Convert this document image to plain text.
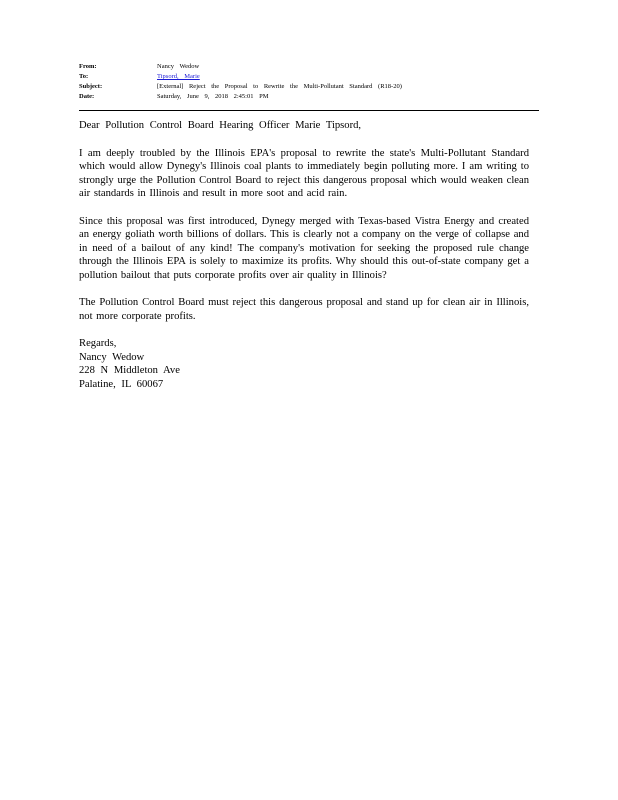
From:	Nancy Wedow
To:	Tipsord, Marie
Subject:	[External] Reject the Proposal to Rewrite the Multi-Pollutant Standard (R18-20)
Date:	Saturday, June 9, 2018 2:45:01 PM

Dear Pollution Control Board Hearing Officer Marie Tipsord,

I am deeply troubled by the Illinois EPA's proposal to rewrite the state's Multi-Pollutant Standard which would allow Dynegy's Illinois coal plants to immediately begin polluting more. I am writing to strongly urge the Pollution Control Board to reject this dangerous proposal which would weaken clean air standards in Illinois and result in more soot and acid rain.

Since this proposal was first introduced, Dynegy merged with Texas-based Vistra Energy and created an energy goliath worth billions of dollars. This is clearly not a company on the verge of collapse and in need of a bailout of any kind! The company's motivation for seeking the proposed rule change through the Illinois EPA is solely to maximize its profits. Why should this out-of-state company get a pollution bailout that puts corporate profits over air quality in Illinois?

The Pollution Control Board must reject this dangerous proposal and stand up for clean air in Illinois, not more corporate profits.

Regards,

Nancy Wedow

228 N Middleton Ave

Palatine, IL 60067
